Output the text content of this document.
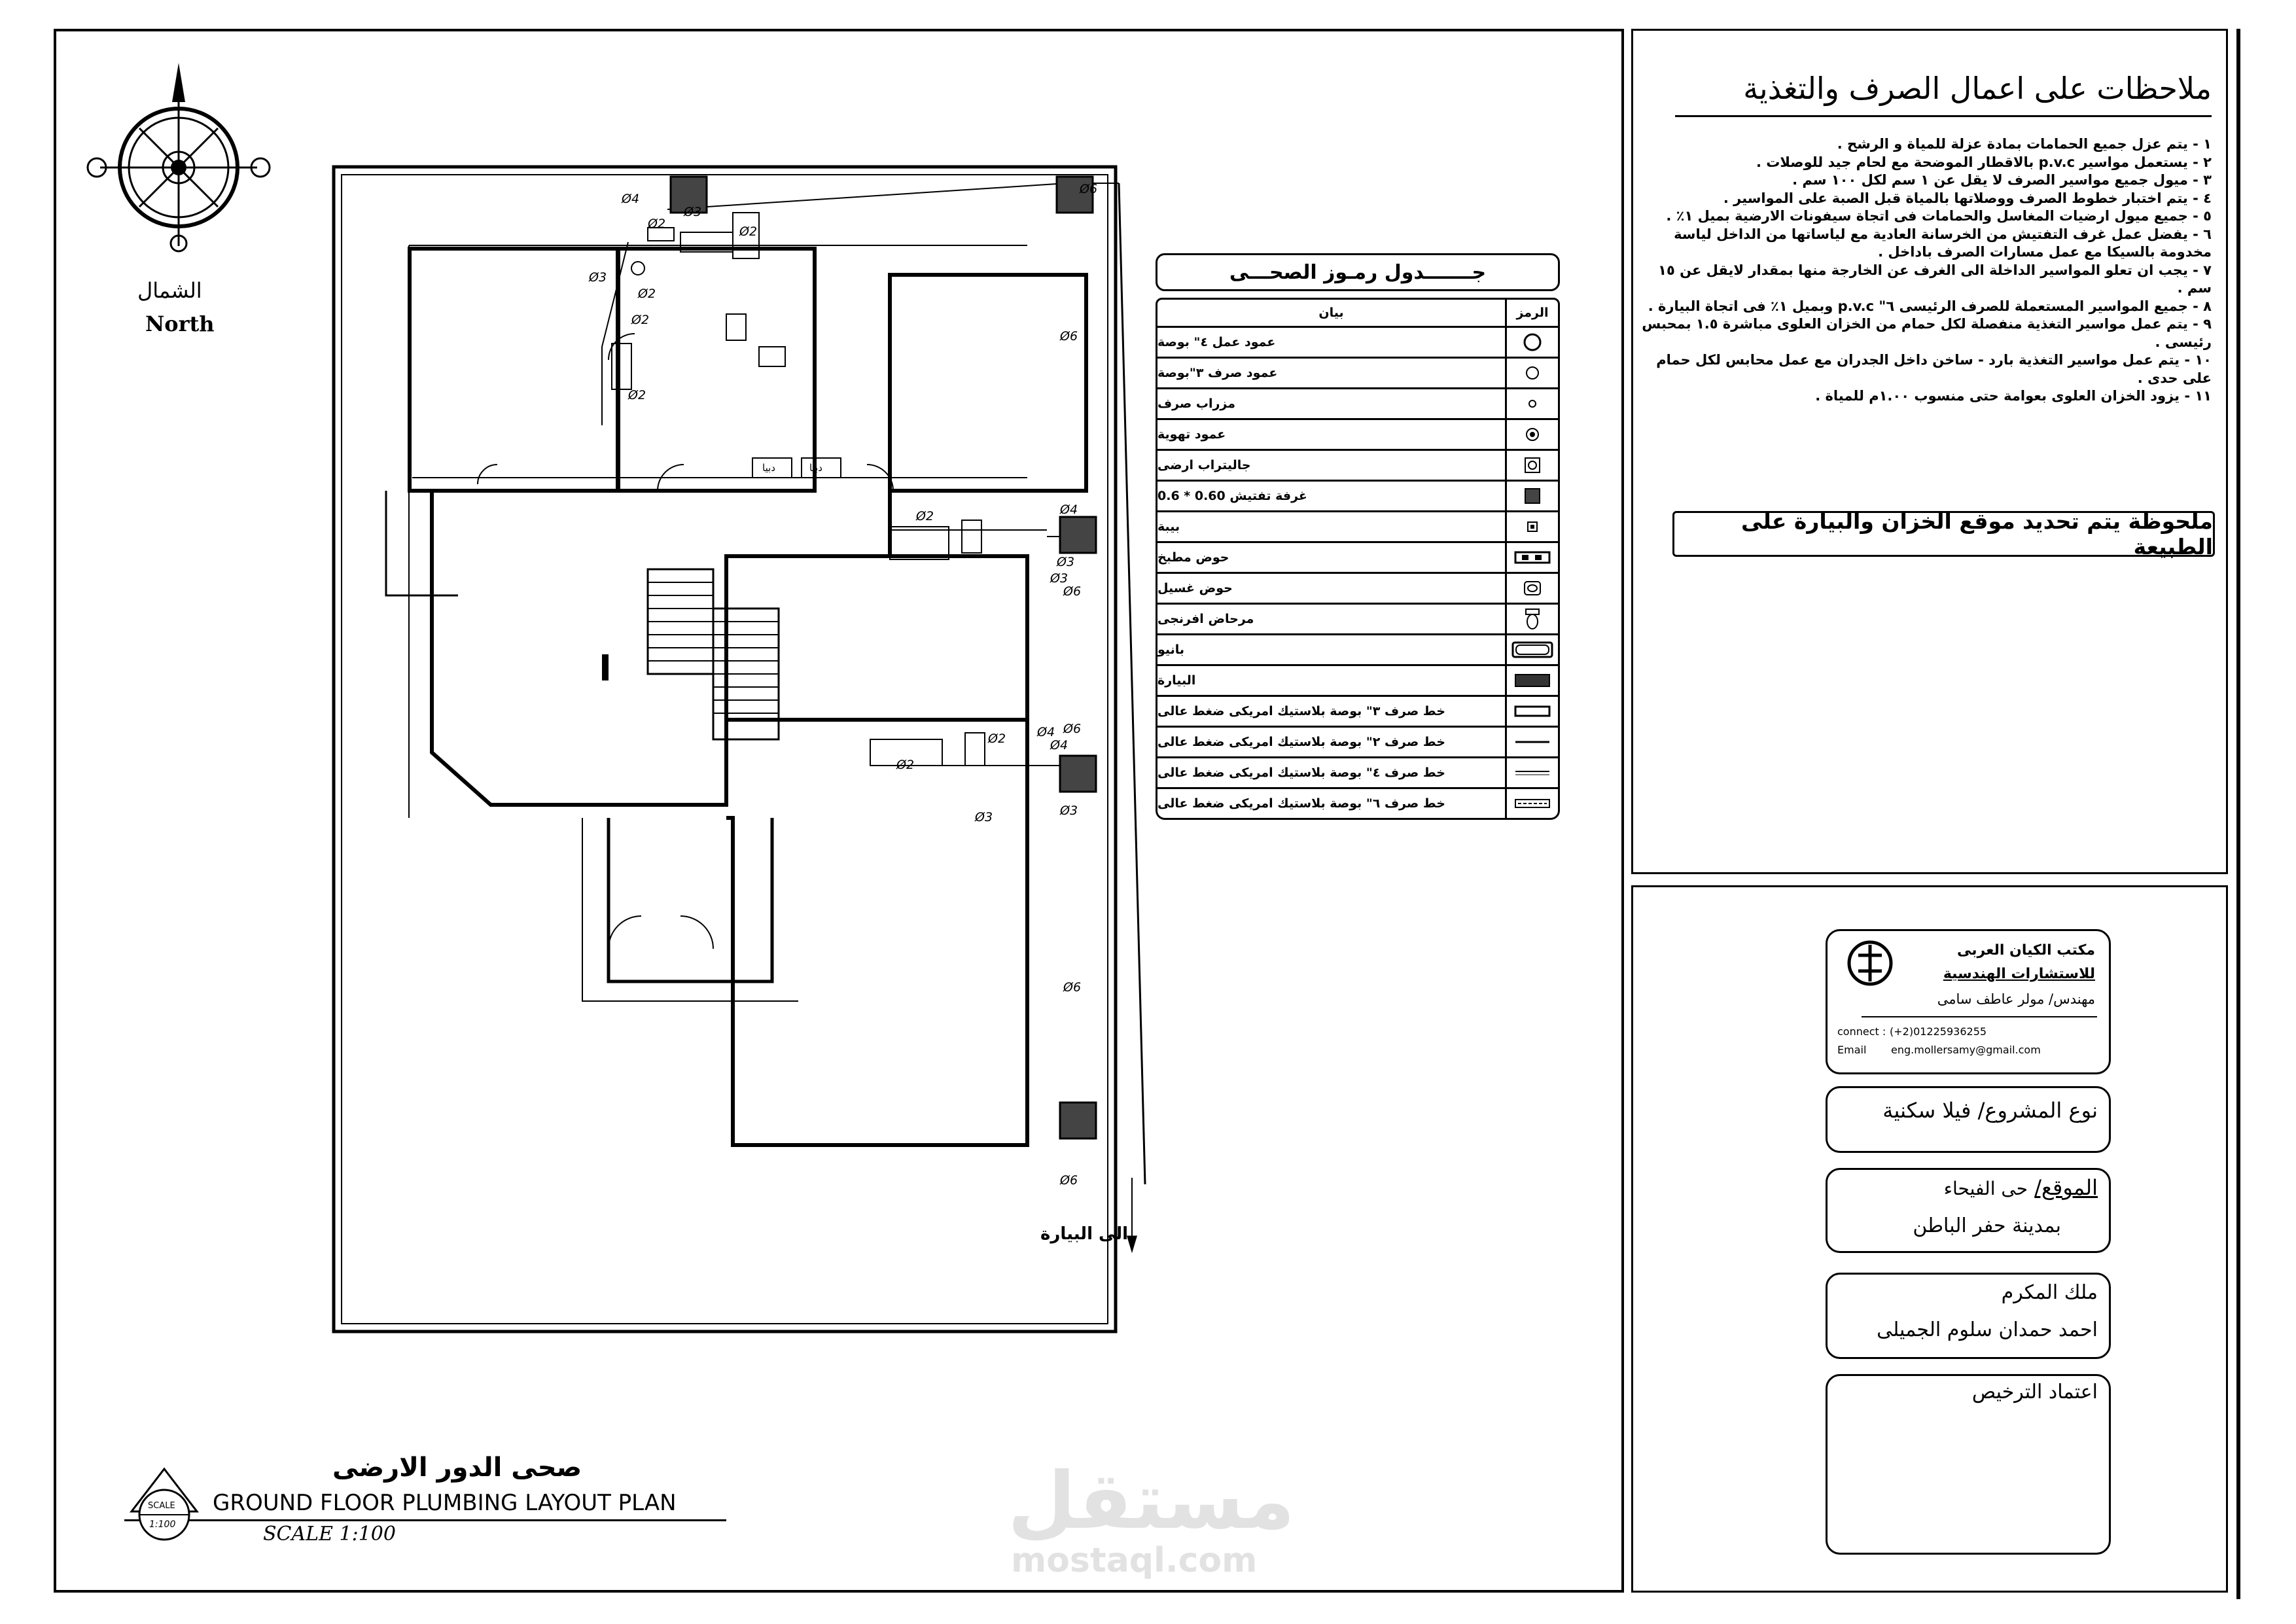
الشمال
North
Ø6
Ø6
Ø6
Ø6
Ø6
Ø6
Ø4
Ø3
Ø2
Ø3
Ø2
Ø2
Ø2
Ø2
Ø4
Ø3
Ø3
Ø2
Ø4
Ø4
Ø2
Ø2
Ø3
Ø3
دبيا	دبيا
الى البيارة
صحى الدور الارضى
GROUND FLOOR PLUMBING LAYOUT PLAN
SCALE 1:100
SCALE
1:100	مستقل
mostaql.com
جـــــــدول رمـوز الصحـــى
بيان	الرمز
عمود عمل ٤" بوصة
عمود صرف ٣"بوصة
مزراب صرف
عمود تهوية
جاليتراب ارضى
غرفة تفتيش 0.60 * 0.6
بيبة
حوض مطبخ
حوض غسيل
مرحاض افرنجى
بانيو
البيارة
خط صرف ٣" بوصة بلاستيك امريكى ضغط عالى
خط صرف ٢" بوصة بلاستيك امريكى ضغط عالى
خط صرف ٤" بوصة بلاستيك امريكى ضغط عالى
خط صرف ٦" بوصة بلاستيك امريكى ضغط عالى
ملاحظات على اعمال الصرف والتغذية
١ - يتم عزل جميع الحمامات بمادة عزلة للمياة و الرشح .
٢ - يستعمل مواسير p.v.c بالاقطار الموضحة مع لحام جيد للوصلات .
٣ - ميول جميع مواسير الصرف لا يقل عن ١ سم لكل ١٠٠ سم .
٤ - يتم اختبار خطوط الصرف ووصلاتها بالمياة قبل الصبة على المواسير .
٥ - جميع ميول ارضيات المغاسل والحمامات فى اتجاة سيفونات الارضية بميل ١٪ .
٦ - يفضل عمل غرف التفتيش من الخرسانة العادية مع لياساتها من الداخل لياسة مخدومة بالسيكا مع عمل مسارات الصرف باداخل .
٧ - يجب ان تعلو المواسير الداخلة الى الغرف عن الخارجة منها بمقدار لايقل عن ١٥ سم .
٨ - جميع المواسير المستعملة للصرف الرئيسى ٦" p.v.c وبميل ١٪ فى اتجاة البيارة .
٩ - يتم عمل مواسير التغذية منفصلة لكل حمام من الخزان العلوى مباشرة ١.٥ بمحبس رئيسى .
١٠ - يتم عمل مواسير التغذية بارد - ساخن داخل الجدران مع عمل محابس لكل حمام على حدى .
١١ - يزود الخزان العلوى بعوامة حتى منسوب ١.٠٠م للمياة .
ملحوظة يتم تحديد موقع الخزان والبيارة على الطبيعة
مكتب الكيان العربى
للاستشارات الهندسية
مهندس/ مولر عاطف سامى
connect : (+2)01225936255
Email eng.mollersamy@gmail.com
نوع المشروع/ فيلا سكنية
الموقع/ حى الفيحاء
بمدينة حفر الباطن
ملك المكرم
احمد حمدان سلوم الجميلى
اعتماد الترخيص
